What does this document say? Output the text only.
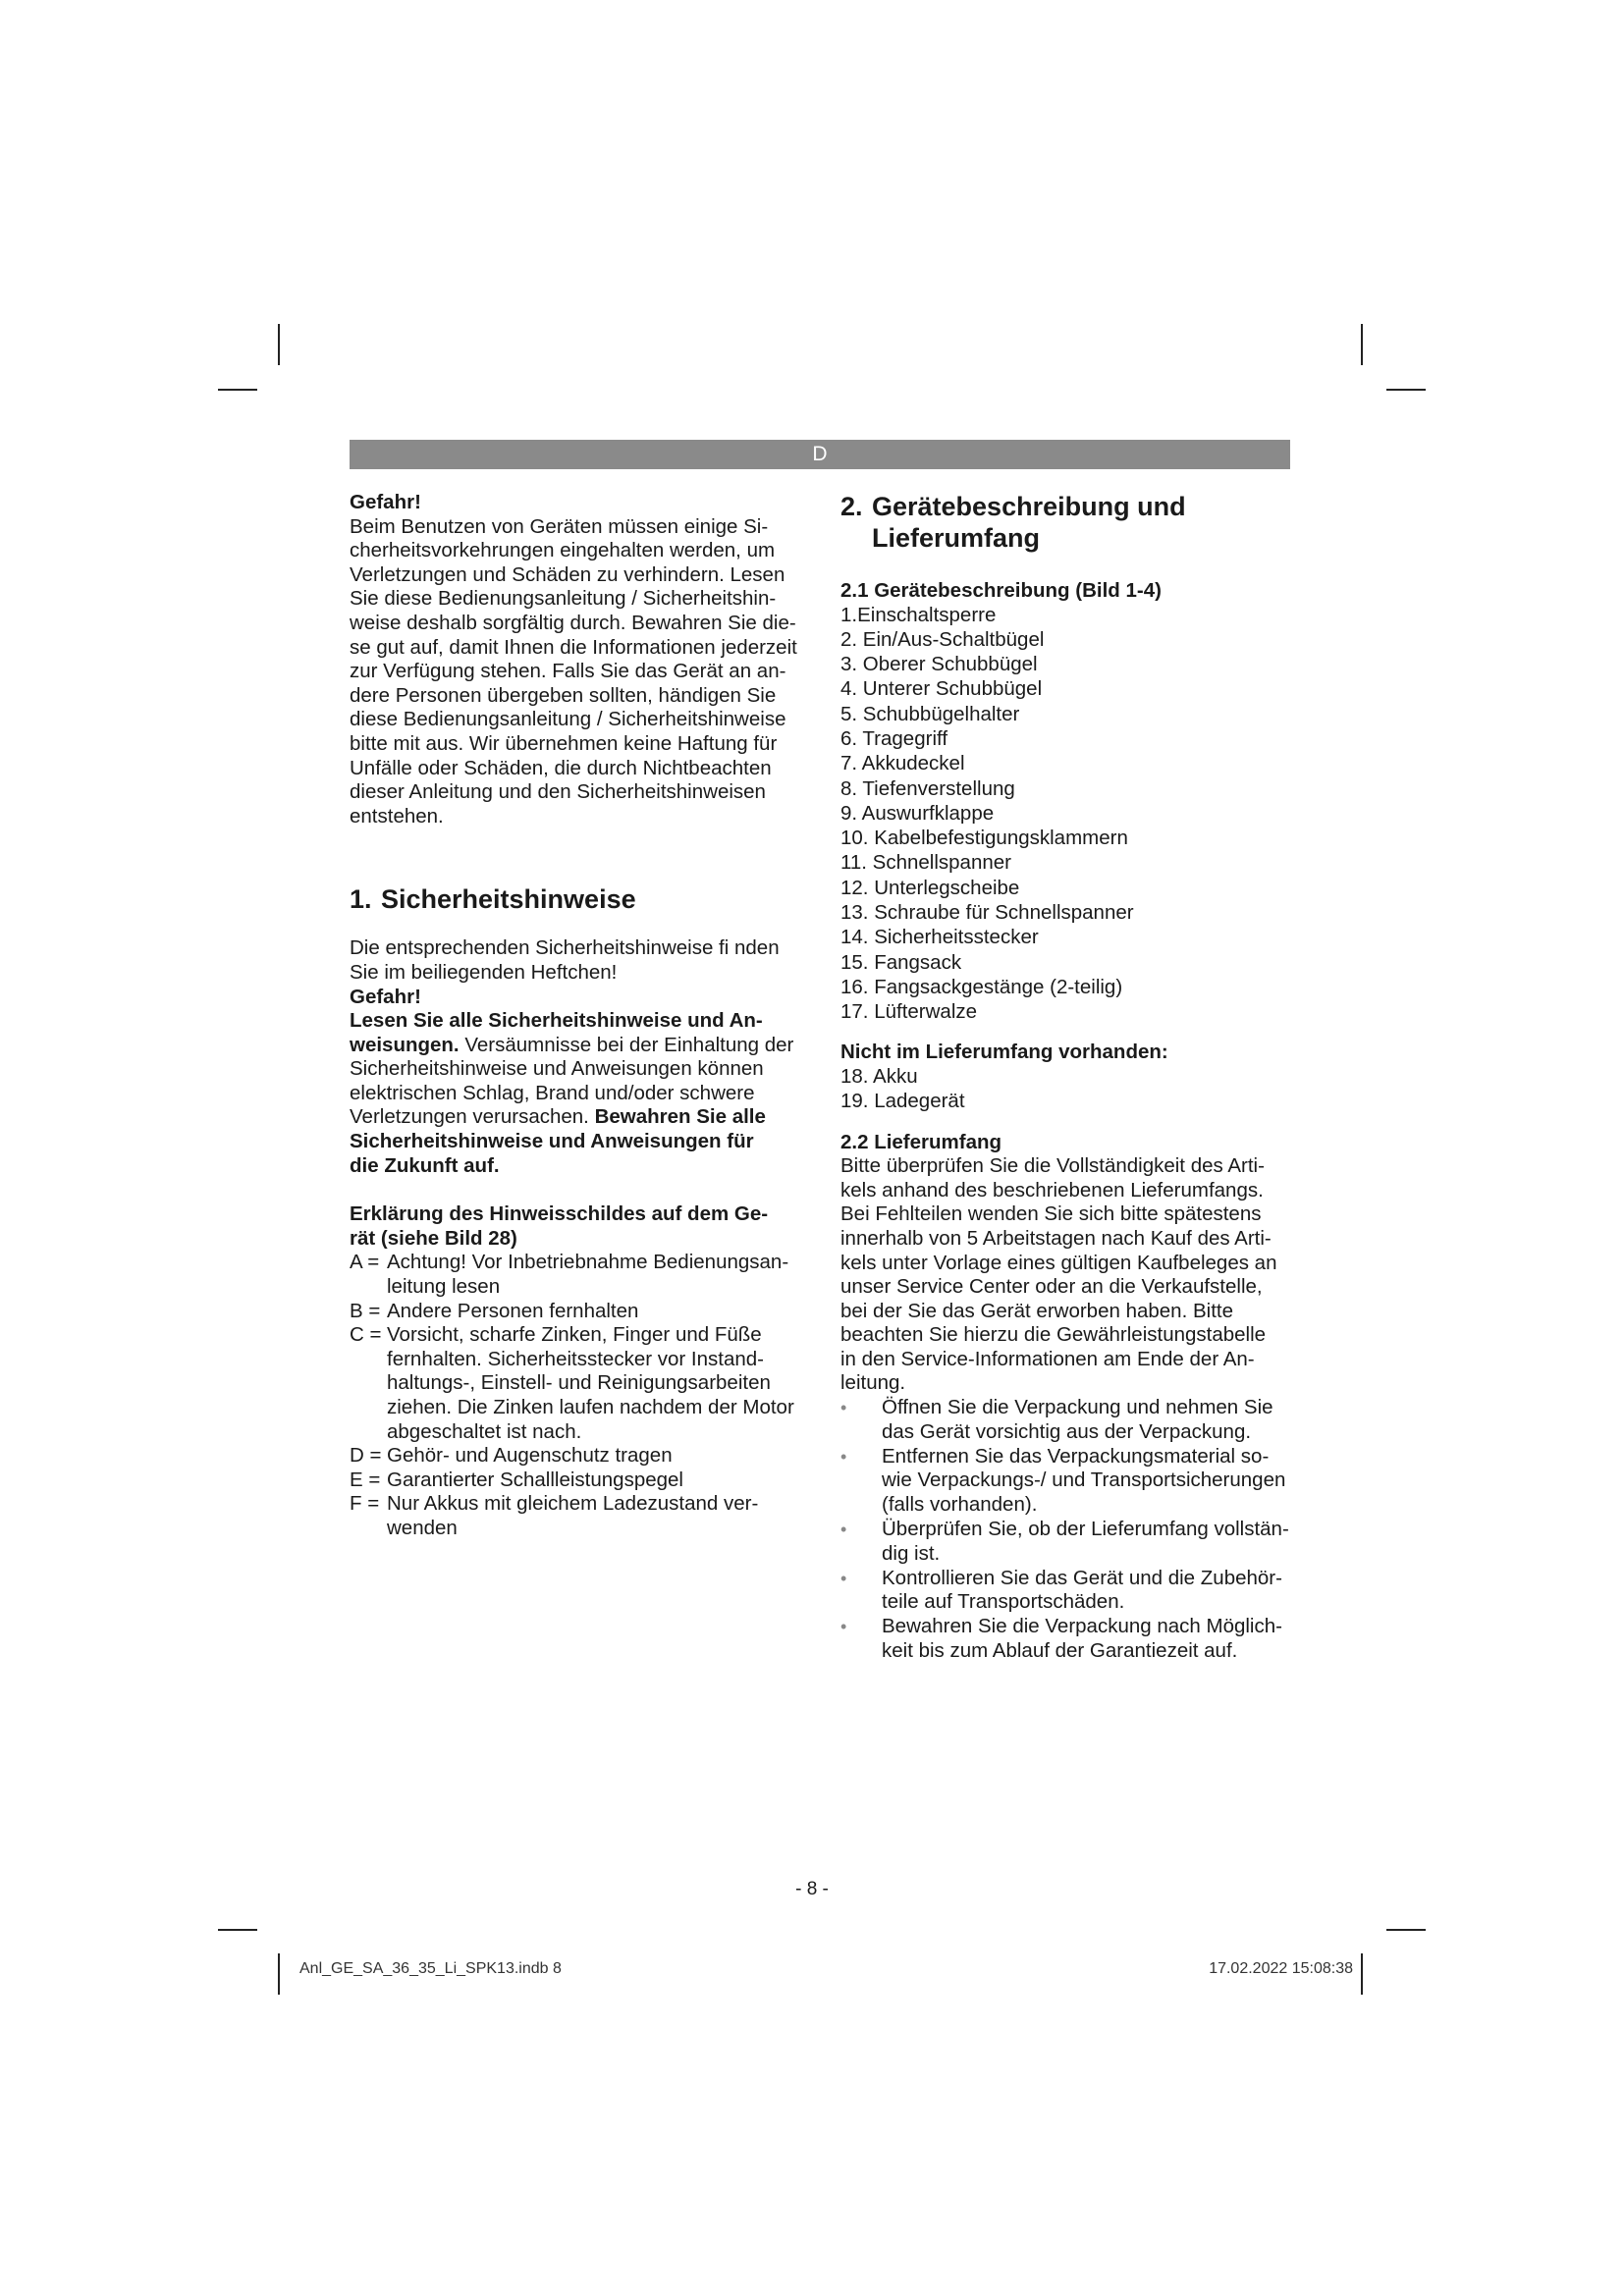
D

Gefahr!

Beim Benutzen von Geräten müssen einige Si-

cherheitsvorkehrungen eingehalten werden, um

Verletzungen und Schäden zu verhindern. Lesen

Sie diese Bedienungsanleitung / Sicherheitshin-

weise deshalb sorgfältig durch. Bewahren Sie die-

se gut auf, damit Ihnen die Informationen jederzeit

zur Verfügung stehen. Falls Sie das Gerät an an-

dere Personen übergeben sollten, händigen Sie

diese Bedienungsanleitung / Sicherheitshinweise

bitte mit aus. Wir übernehmen keine Haftung für

Unfälle oder Schäden, die durch Nichtbeachten

dieser Anleitung und den Sicherheitshinweisen

entstehen.

1. Sicherheitshinweise

Die entsprechenden Sicherheitshinweise fi nden

Sie im beiliegenden Heftchen!

Gefahr!

Lesen Sie alle Sicherheitshinweise und An-

weisungen. Versäumnisse bei der Einhaltung der

Sicherheitshinweise und Anweisungen können

elektrischen Schlag, Brand und/oder schwere

Verletzungen verursachen. Bewahren Sie alle

Sicherheitshinweise und Anweisungen für

die Zukunft auf.

Erklärung des Hinweisschildes auf dem Ge-

rät (siehe Bild 28)

A = Achtung! Vor Inbetriebnahme Bedienungsan-
leitung lesen
B = Andere Personen fernhalten
C = Vorsicht, scharfe Zinken, Finger und Füße
fernhalten. Sicherheitsstecker vor Instand-
haltungs-, Einstell- und Reinigungsarbeiten
ziehen. Die Zinken laufen nachdem der Motor
abgeschaltet ist nach.
D = Gehör- und Augenschutz tragen
E = Garantierter Schallleistungspegel
F = Nur Akkus mit gleichem Ladezustand ver-
wenden
2. Gerätebeschreibung und
Lieferumfang

2.1 Gerätebeschreibung (Bild 1-4)

1.Einschaltsperre
2. Ein/Aus-Schaltbügel
3. Oberer Schubbügel
4. Unterer Schubbügel
5. Schubbügelhalter
6. Tragegriff
7. Akkudeckel
8. Tiefenverstellung
9. Auswurfklappe
10. Kabelbefestigungsklammern
11. Schnellspanner
12. Unterlegscheibe
13. Schraube für Schnellspanner
14. Sicherheitsstecker
15. Fangsack
16. Fangsackgestänge (2-teilig)
17. Lüfterwalze

Nicht im Lieferumfang vorhanden:

18. Akku
19. Ladegerät

2.2 Lieferumfang

Bitte überprüfen Sie die Vollständigkeit des Arti-

kels anhand des beschriebenen Lieferumfangs.

Bei Fehlteilen wenden Sie sich bitte spätestens

innerhalb von 5 Arbeitstagen nach Kauf des Arti-

kels unter Vorlage eines gültigen Kaufbeleges an

unser Service Center oder an die Verkaufstelle,

bei der Sie das Gerät erworben haben. Bitte

beachten Sie hierzu die Gewährleistungstabelle

in den Service-Informationen am Ende der An-

leitung.

• Öffnen Sie die Verpackung und nehmen Sie
das Gerät vorsichtig aus der Verpackung.
• Entfernen Sie das Verpackungsmaterial so-
wie Verpackungs-/ und Transportsicherungen
(falls vorhanden).
• Überprüfen Sie, ob der Lieferumfang vollstän-
dig ist.
• Kontrollieren Sie das Gerät und die Zubehör-
teile auf Transportschäden.
• Bewahren Sie die Verpackung nach Möglich-
keit bis zum Ablauf der Garantiezeit auf.
- 8 -
Anl_GE_SA_36_35_Li_SPK13.indb 8	17.02.2022 15:08:38
